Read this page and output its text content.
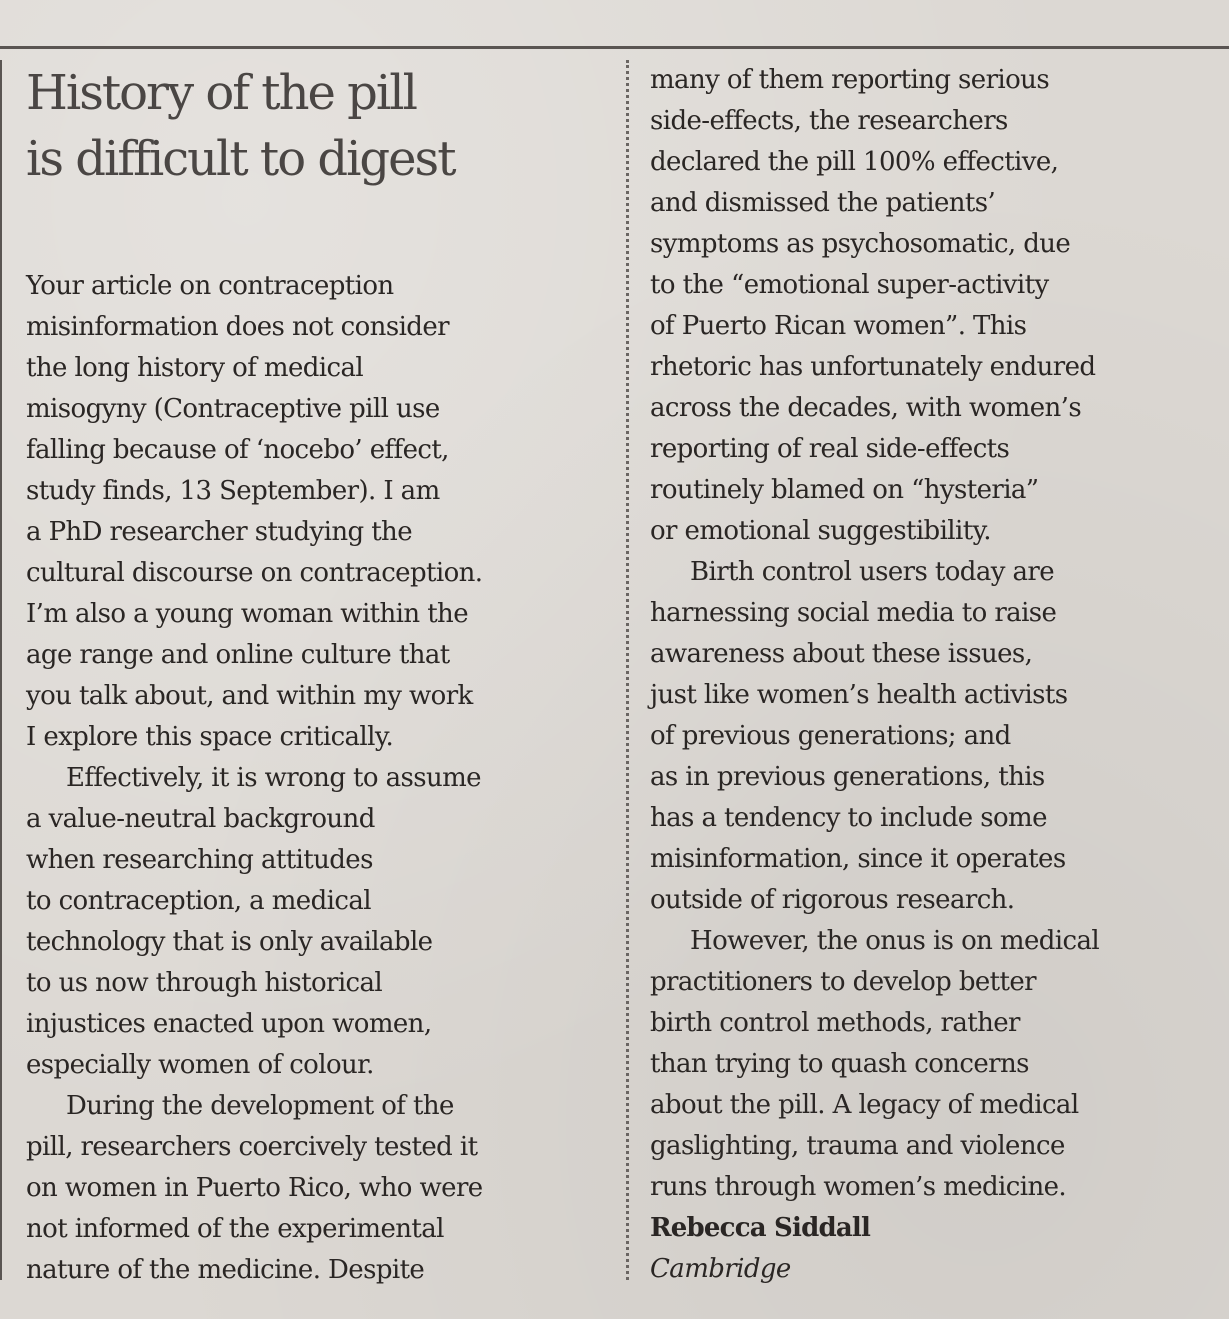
History of the pill
is difficult to digest
Your article on contraception
misinformation does not consider
the long history of medical
misogyny (Contraceptive pill use
falling because of ‘nocebo’ effect,
study finds, 13 September). I am
a PhD researcher studying the
cultural discourse on contraception.
I’m also a young woman within the
age range and online culture that
you talk about, and within my work
I explore this space critically.
Effectively, it is wrong to assume
a value-neutral background
when researching attitudes
to contraception, a medical
technology that is only available
to us now through historical
injustices enacted upon women,
especially women of colour.
During the development of the
pill, researchers coercively tested it
on women in Puerto Rico, who were
not informed of the experimental
nature of the medicine. Despite
many of them reporting serious
side-effects, the researchers
declared the pill 100% effective,
and dismissed the patients’
symptoms as psychosomatic, due
to the “emotional super-activity
of Puerto Rican women”. This
rhetoric has unfortunately endured
across the decades, with women’s
reporting of real side-effects
routinely blamed on “hysteria”
or emotional suggestibility.
Birth control users today are
harnessing social media to raise
awareness about these issues,
just like women’s health activists
of previous generations; and
as in previous generations, this
has a tendency to include some
misinformation, since it operates
outside of rigorous research.
However, the onus is on medical
practitioners to develop better
birth control methods, rather
than trying to quash concerns
about the pill. A legacy of medical
gaslighting, trauma and violence
runs through women’s medicine.
Rebecca Siddall
Cambridge
